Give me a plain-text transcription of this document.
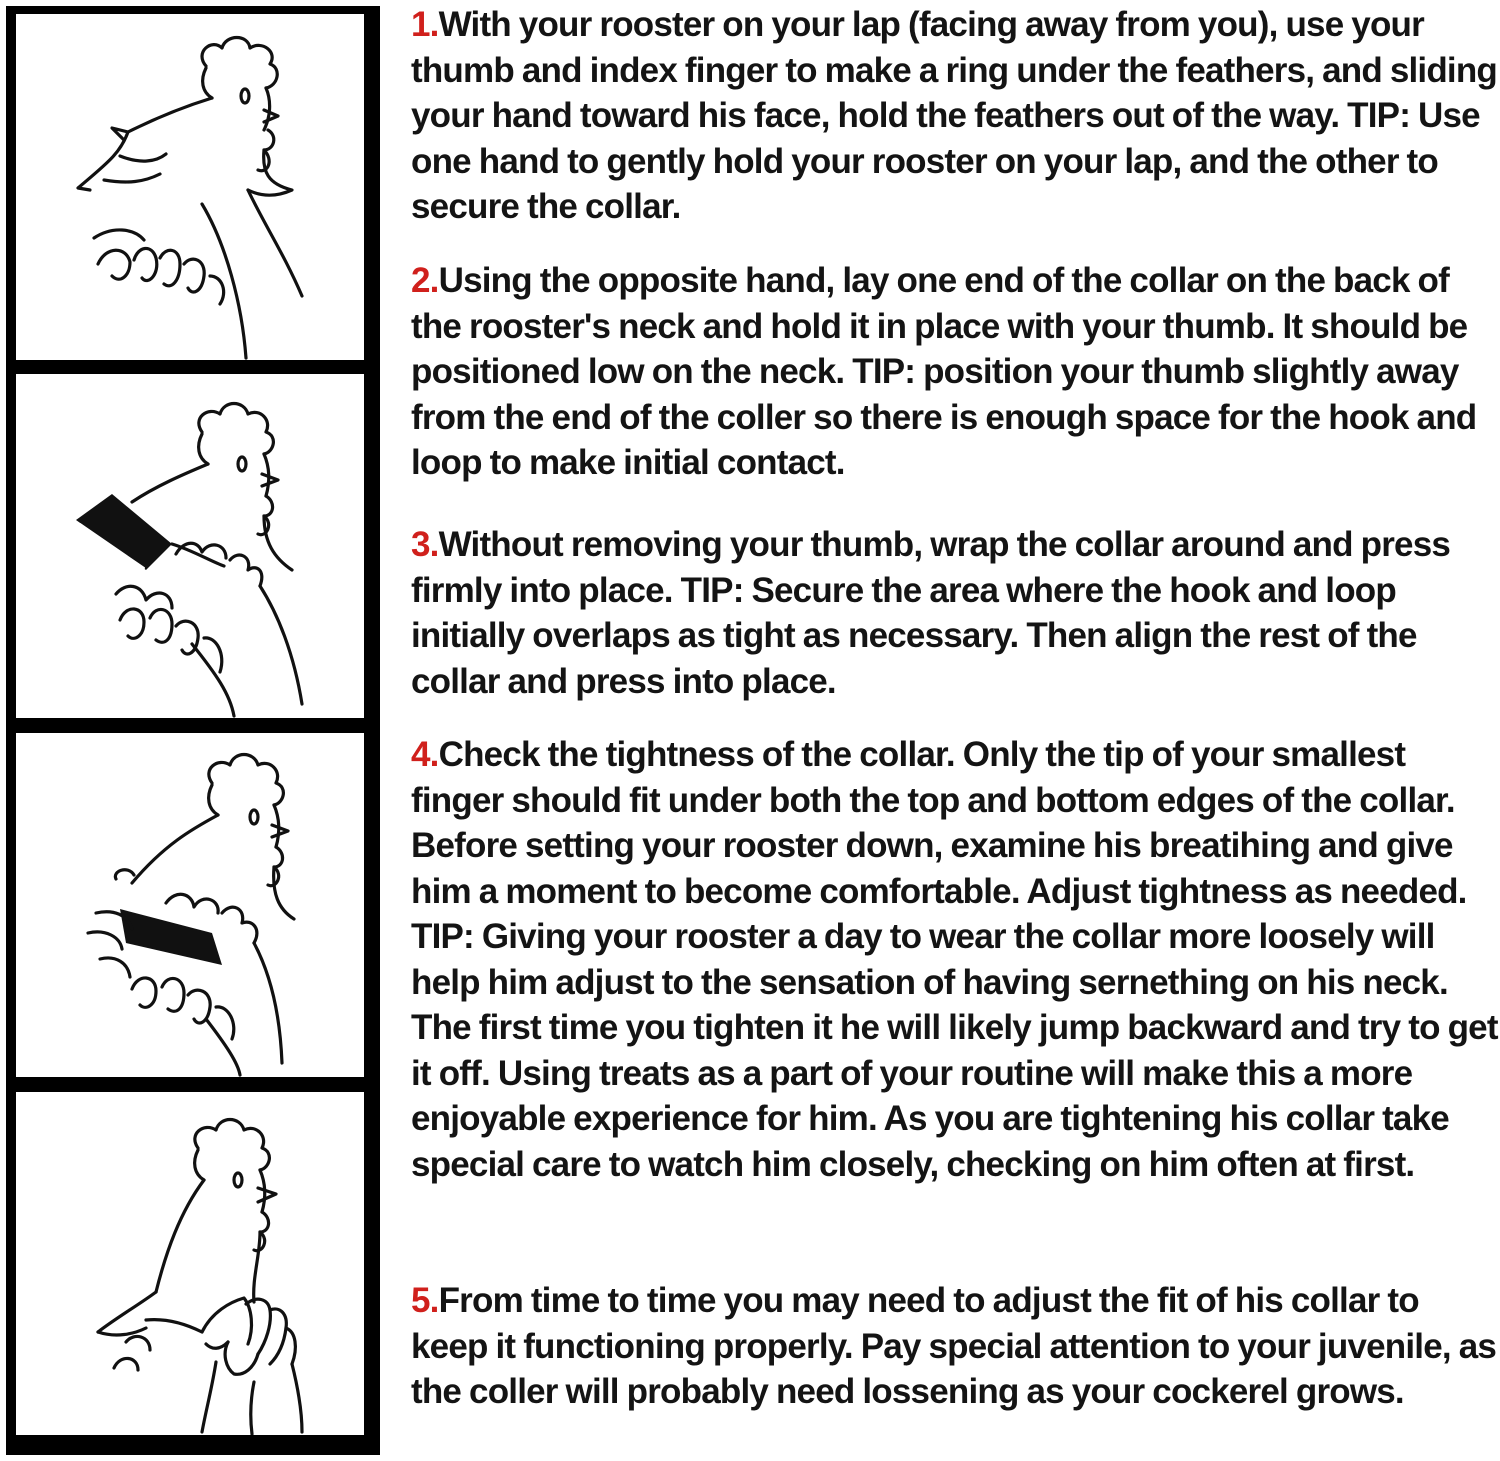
1.With your rooster on your lap (facing away from you), use your thumb and index finger to make a ring under the feathers, and sliding your hand toward his face, hold the feathers out of the way. TIP: Use one hand to gently hold your rooster on your lap, and the other to secure the collar.

2.Using the opposite hand, lay one end of the collar on the back of the rooster's neck and hold it in place with your thumb. It should be positioned low on the neck. TIP: position your thumb slightly away from the end of the coller so there is enough space for the hook and loop to make initial contact.

3.Without removing your thumb, wrap the collar around and press firmly into place. TIP: Secure the area where the hook and loop initially overlaps as tight as necessary. Then align the rest of the collar and press into place.

4.Check the tightness of the collar. Only the tip of your smallest finger should fit under both the top and bottom edges of the collar. Before setting your rooster down, examine his breatihing and give him a moment to become comfortable. Adjust tightness as needed. TIP: Giving your rooster a day to wear the collar more loosely will help him adjust to the sensation of having sernething on his neck. The first time you tighten it he will likely jump backward and try to get it off. Using treats as a part of your routine will make this a more enjoyable experience for him. As you are tightening his collar take special care to watch him closely, checking on him often at first.

5.From time to time you may need to adjust the fit of his collar to keep it functioning properly. Pay special attention to your juvenile, as the coller will probably need lossening as your cockerel grows.
